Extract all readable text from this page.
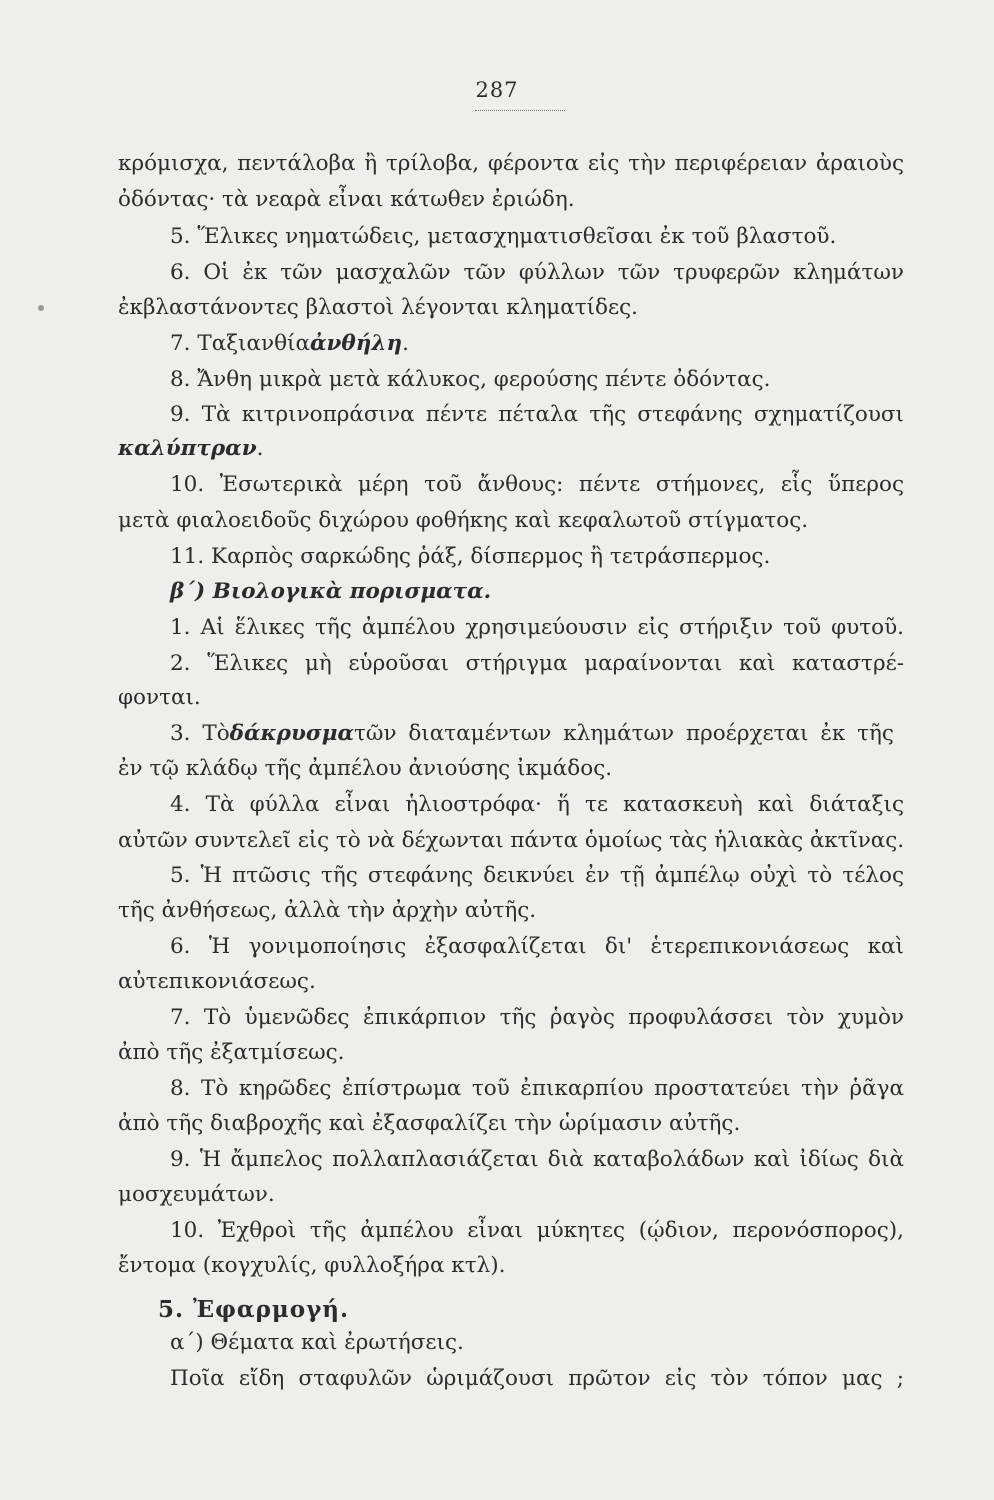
287
κρόμισχα, πεντάλοβα ἢ τρίλοβα, φέροντα εἰς τὴν περιφέρειαν ἀραιοὺς
ὀδόντας· τὰ νεαρὰ εἶναι κάτωθεν ἐριώδη.
5. Ἕλικες νηματώδεις, μετασχηματισθεῖσαι ἐκ τοῦ βλαστοῦ.
6. Οἱ ἐκ τῶν μασχαλῶν τῶν φύλλων τῶν τρυφερῶν κλημάτων
ἐκβλαστάνοντες βλαστοὶ λέγονται κληματίδες.
7. Ταξιανθίαἀνθήλη.
8. Ἄνθη μικρὰ μετὰ κάλυκος, φερούσης πέντε ὀδόντας.
9. Τὰ κιτρινοπράσινα πέντε πέταλα τῆς στεφάνης σχηματίζουσι
καλύπτραν.
10. Ἐσωτερικὰ μέρη τοῦ ἄνθους: πέντε στήμονες, εἷς ὕπερος
μετὰ φιαλοειδοῦς διχώρου φοθήκης καὶ κεφαλωτοῦ στίγματος.
11. Καρπὸς σαρκώδης ῥάξ, δίσπερμος ἢ τετράσπερμος.
β΄) Βιολογικὰ πορισματα.
1. Αἱ ἕλικες τῆς ἀμπέλου χρησιμεύουσιν εἰς στήριξιν τοῦ φυτοῦ.
2. Ἕλικες μὴ εὑροῦσαι στήριγμα μαραίνονται καὶ καταστρέ-
φονται.
3. Τὸδάκρυσματῶν διαταμέντων κλημάτων προέρχεται ἐκ τῆς
ἐν τῷ κλάδῳ τῆς ἀμπέλου ἀνιούσης ἰκμάδος.
4. Τὰ φύλλα εἶναι ἡλιοστρόφα· ἥ τε κατασκευὴ καὶ διάταξις
αὐτῶν συντελεῖ εἰς τὸ νὰ δέχωνται πάντα ὁμοίως τὰς ἡλιακὰς ἀκτῖνας.
5. Ἡ πτῶσις τῆς στεφάνης δεικνύει ἐν τῇ ἀμπέλῳ οὐχὶ τὸ τέλος
τῆς ἀνθήσεως, ἀλλὰ τὴν ἀρχὴν αὐτῆς.
6. Ἡ γονιμοποίησις ἐξασφαλίζεται δι' ἑτερεπικονιάσεως καὶ
αὐτεπικονιάσεως.
7. Τὸ ὑμενῶδες ἐπικάρπιον τῆς ῥαγὸς προφυλάσσει τὸν χυμὸν
ἀπὸ τῆς ἐξατμίσεως.
8. Τὸ κηρῶδες ἐπίστρωμα τοῦ ἐπικαρπίου προστατεύει τὴν ῥᾶγα
ἀπὸ τῆς διαβροχῆς καὶ ἐξασφαλίζει τὴν ὡρίμασιν αὐτῆς.
9. Ἡ ἄμπελος πολλαπλασιάζεται διὰ καταβολάδων καὶ ἰδίως διὰ
μοσχευμάτων.
10. Ἐχθροὶ τῆς ἀμπέλου εἶναι μύκητες (ῴδιον, περονόσπορος),
ἔντομα (κογχυλίς, φυλλοξήρα κτλ).
5. Ἐφαρμογή.
α΄) Θέματα καὶ ἐρωτήσεις.
Ποῖα εἴδη σταφυλῶν ὡριμάζουσι πρῶτον εἰς τὸν τόπον μας ;
